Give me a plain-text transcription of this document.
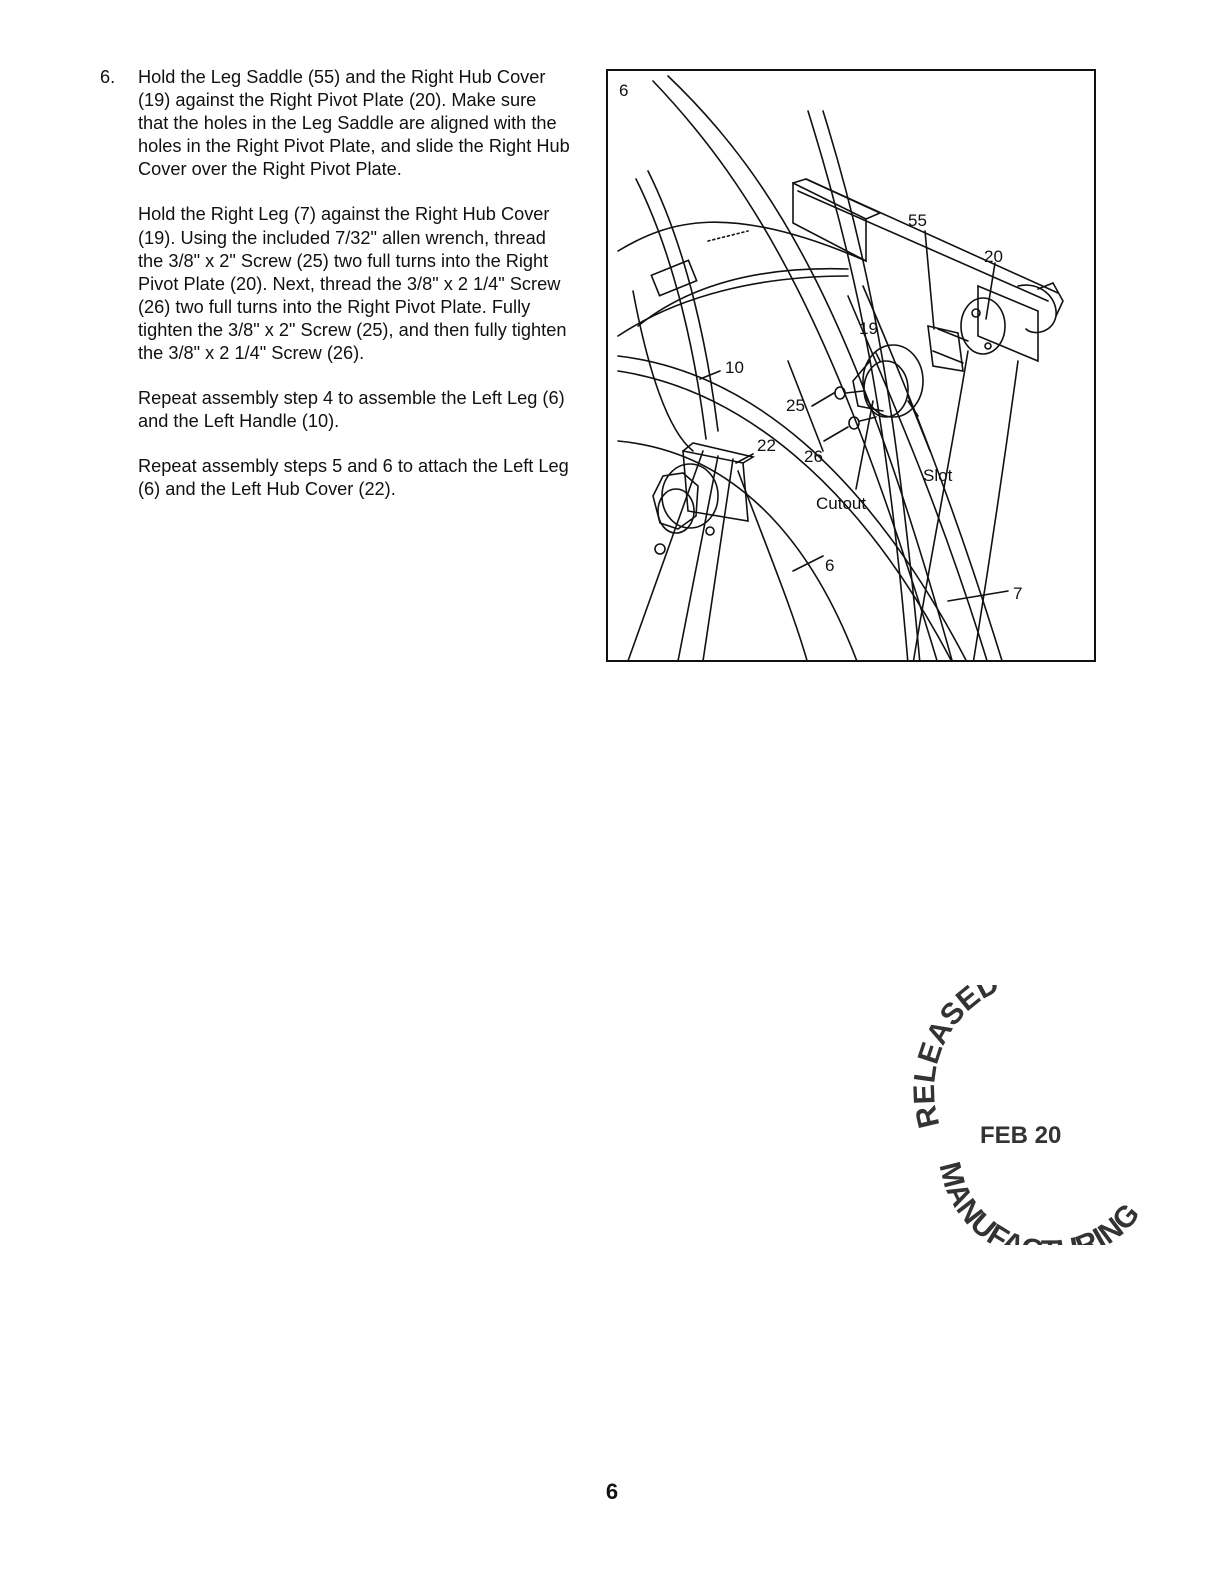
6. Hold the Leg Saddle (55) and the Right Hub Cover (19) against the Right Pivot Plate (20). Make sure that the holes in the Leg Saddle are aligned with the holes in the Right Pivot Plate, and slide the Right Hub Cover over the Right Pivot Plate.

Hold the Right Leg (7) against the Right Hub Cover (19). Using the included 7/32" allen wrench, thread the 3/8" x 2" Screw (25) two full turns into the Right Pivot Plate (20). Next, thread the 3/8" x 2 1/4" Screw (26) two full turns into the Right Pivot Plate. Fully tighten the 3/8" x 2" Screw (25), and then fully tighten the 3/8" x 2 1/4" Screw (26).

Repeat assembly step 4 to assemble the Left Leg (6) and the Left Handle (10).

Repeat assembly steps 5 and 6 to attach the Left Leg (6) and the Left Hub Cover (22).

6
55
20
19
10
25
22
26
Slot
Cutout
6
7
RELEASED
FEB 20
MANUFA RING
6
